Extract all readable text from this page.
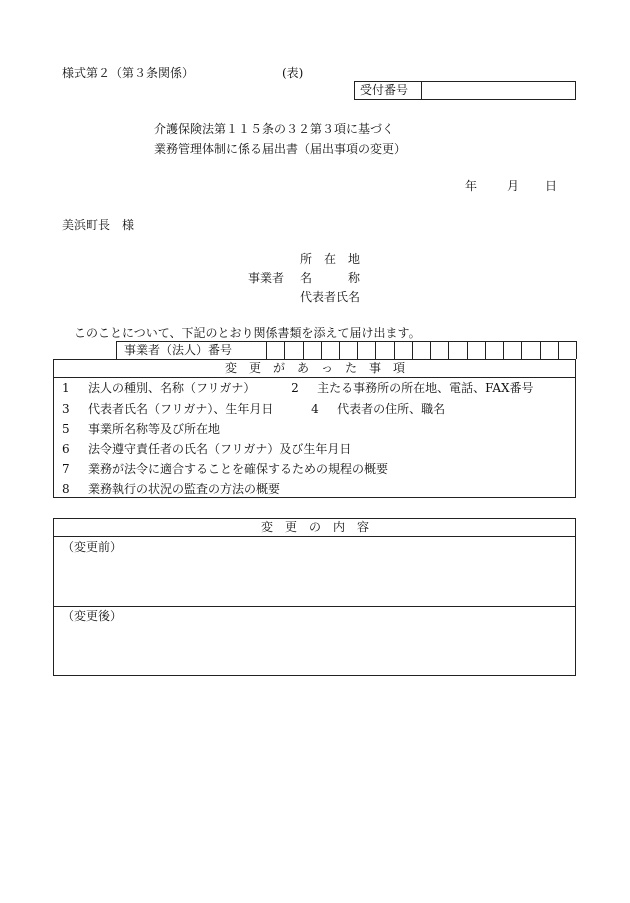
様式第２（第３条関係）	(表)
受付番号
介護保険法第１１５条の３２第３項に基づく
業務管理体制に係る届出書（届出事項の変更）
年 月 日
美浜町長　様
所　在　地
事業者 名　　　称
代表者氏名
このことについて、下記のとおり関係書類を添えて届け出ます。
事業者（法人）番号
変　更　が　あ　っ　た　事　項
1 法人の種別、名称（フリガナ）	2 主たる事務所の所在地、電話、FAX番号
3 代表者氏名（フリガナ）、生年月日	4 代表者の住所、職名
5 事業所名称等及び所在地
6 法令遵守責任者の氏名（フリガナ）及び生年月日
7 業務が法令に適合することを確保するための規程の概要
8 業務執行の状況の監査の方法の概要
変　更　の　内　容
（変更前）
（変更後）
